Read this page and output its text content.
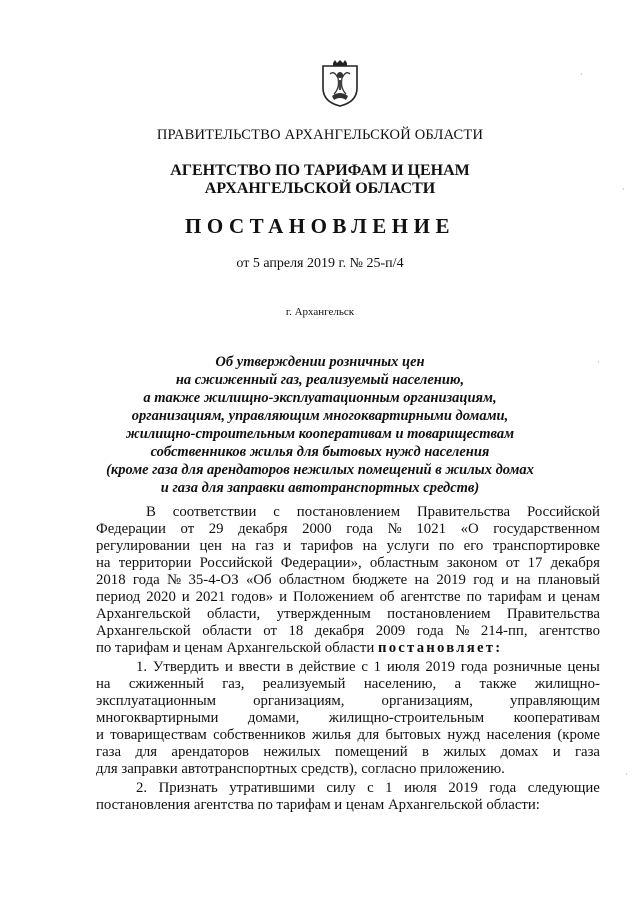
ПРАВИТЕЛЬСТВО АРХАНГЕЛЬСКОЙ ОБЛАСТИ
АГЕНТСТВО ПО ТАРИФАМ И ЦЕНАМ
АРХАНГЕЛЬСКОЙ ОБЛАСТИ
ПОСТАНОВЛЕНИЕ
от 5 апреля 2019 г. № 25-п/4
г. Архангельск
Об утверждении розничных цен
на сжиженный газ, реализуемый населению,
а также жилищно-эксплуатационным организациям,
организациям, управляющим многоквартирными домами,
жилищно-строительным кооперативам и товариществам
собственников жилья для бытовых нужд населения
(кроме газа для арендаторов нежилых помещений в жилых домах
и газа для заправки автотранспортных средств)
В соответствии с постановлением Правительства Российской
Федерации от 29 декабря 2000 года № 1021 «О государственном
регулировании цен на газ и тарифов на услуги по его транспортировке
на территории Российской Федерации», областным законом от 17 декабря
2018 года № 35-4-ОЗ «Об областном бюджете на 2019 год и на плановый
период 2020 и 2021 годов» и Положением об агентстве по тарифам и ценам
Архангельской области, утвержденным постановлением Правительства
Архангельской области от 18 декабря 2009 года № 214-пп, агентство
по тарифам и ценам Архангельской области постановляет:
1. Утвердить и ввести в действие с 1 июля 2019 года розничные цены
на сжиженный газ, реализуемый населению, а также жилищно-
эксплуатационным	организациям,	организациям,	управляющим
многоквартирными домами, жилищно-строительным кооперативам
и товариществам собственников жилья для бытовых нужд населения (кроме
газа для арендаторов нежилых помещений в жилых домах и газа
для заправки автотранспортных средств), согласно приложению.
2. Признать утратившими силу с 1 июля 2019 года следующие
постановления агентства по тарифам и ценам Архангельской области:
·
·
·
·
